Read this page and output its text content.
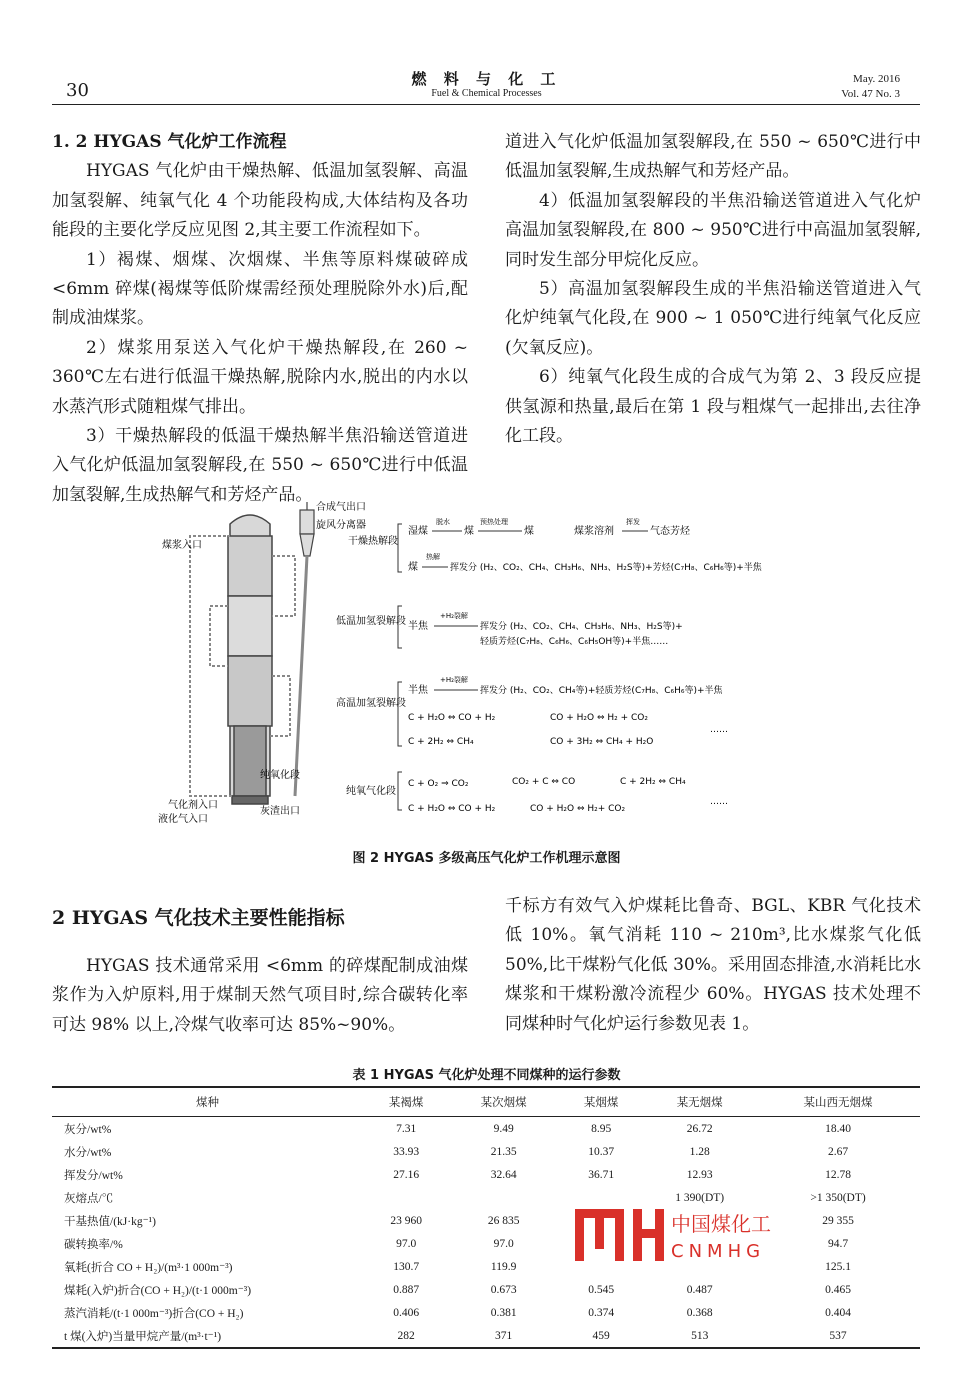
30
燃 料 与 化 工
Fuel & Chemical Processes
May. 2016
Vol. 47 No. 3

1. 2 HYGAS 气化炉工作流程

HYGAS 气化炉由干燥热解、低温加氢裂解、高温加氢裂解、纯氧气化 4 个功能段构成,大体结构及各功能段的主要化学反应见图 2,其主要工作流程如下。

1）褐煤、烟煤、次烟煤、半焦等原料煤破碎成 <6mm 碎煤(褐煤等低阶煤需经预处理脱除外水)后,配制成油煤浆。

2）煤浆用泵送入气化炉干燥热解段,在 260 ~ 360℃左右进行低温干燥热解,脱除内水,脱出的内水以水蒸汽形式随粗煤气排出。

3）干燥热解段的低温干燥热解半焦沿输送管道进入气化炉低温加氢裂解段,在 550 ~ 650℃进行中低温加氢裂解,生成热解气和芳烃产品。

道进入气化炉低温加氢裂解段,在 550 ~ 650℃进行中低温加氢裂解,生成热解气和芳烃产品。

4）低温加氢裂解段的半焦沿输送管道进入气化炉高温加氢裂解段,在 800 ~ 950℃进行中高温加氢裂解,同时发生部分甲烷化反应。

5）高温加氢裂解段生成的半焦沿输送管道进入气化炉纯氧气化段,在 900 ~ 1 050℃进行纯氧气化反应(欠氧反应)。

6）纯氧气化段生成的合成气为第 2、3 段反应提供氢源和热量,最后在第 1 段与粗煤气一起排出,去往净化工段。

合成气出口
旋风分离器
煤浆入口
纯氧化段
气化剂入口
液化气入口
灰渣出口
干燥热解段
低温加氢裂解段
高温加氢裂解段
纯氧气化段
湿煤
脱水
煤
预热处理
煤	煤浆溶剂
挥发
气态芳烃
煤
热解
挥发分 (H₂、CO₂、CH₄、CH₃H₆、NH₃、H₂S等)+芳烃(C₇H₈、C₆H₆等)+半焦
半焦
+H₂裂解
挥发分 (H₂、CO₂、CH₄、CH₃H₆、NH₃、H₂S等)+
轻质芳烃(C₇H₈、C₆H₆、C₆H₅OH等)+半焦……
半焦
+H₂裂解
挥发分 (H₂、CO₂、CH₄等)+轻质芳烃(C₇H₈、C₆H₆等)+半焦
C + H₂O ⇔ CO + H₂	CO + H₂O ⇔ H₂ + CO₂
……
C + 2H₂ ⇔ CH₄	CO + 3H₂ ⇔ CH₄ + H₂O
C + O₂ ⇒ CO₂	CO₂ + C ⇔ CO	C + 2H₂ ⇔ CH₄
……
C + H₂O ⇔ CO + H₂	CO + H₂O ⇔ H₂+ CO₂
图 2 HYGAS 多级高压气化炉工作机理示意图
2 HYGAS 气化技术主要性能指标

HYGAS 技术通常采用 <6mm 的碎煤配制成油煤浆作为入炉原料,用于煤制天然气项目时,综合碳转化率可达 98% 以上,冷煤气收率可达 85%~90%。

千标方有效气入炉煤耗比鲁奇、BGL、KBR 气化技术低 10%。氧气消耗 110 ~ 210m³,比水煤浆气化低 50%,比干煤粉气化低 30%。采用固态排渣,水消耗比水煤浆和干煤粉激冷流程少 60%。HYGAS 技术处理不同煤种时气化炉运行参数见表 1。

表 1 HYGAS 气化炉处理不同煤种的运行参数
煤种	某褐煤	某次烟煤	某烟煤	某无烟煤	某山西无烟煤
灰分/wt%	7.31	9.49	8.95	26.72	18.40
水分/wt%	33.93	21.35	10.37	1.28	2.67
挥发分/wt%	27.16	32.64	36.71	12.93	12.78
灰熔点/℃				1 390(DT)	>1 350(DT)
干基热值/(kJ·kg⁻¹)	23 960	26 835			29 355
碳转换率/%	97.0	97.0			94.7
氧耗(折合 CO + H₂)/(m³·1 000m⁻³)	130.7	119.9			125.1
煤耗(入炉)折合(CO + H₂)/(t·1 000m⁻³)	0.887	0.673	0.545	0.487	0.465
蒸汽消耗/(t·1 000m⁻³)折合(CO + H₂)	0.406	0.381	0.374	0.368	0.404
t 煤(入炉)当量甲烷产量/(m³·t⁻¹)	282	371	459	513	537
中国煤化工
CNMHG
